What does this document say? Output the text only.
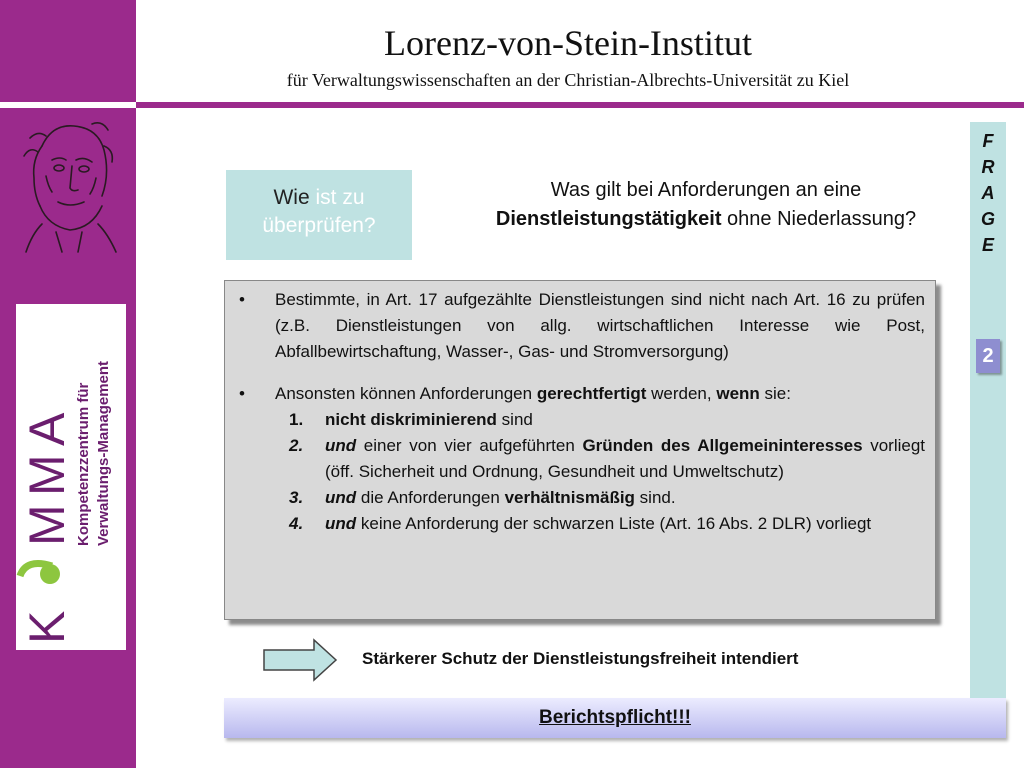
Lorenz-von-Stein-Institut
für Verwaltungswissenschaften an der Christian-Albrechts-Universität zu Kiel
K
M
M
A Kompetenzzentrum für Verwaltungs-Management
F
R
A
G
E
2
Wie ist zu
überprüfen?
Was gilt bei Anforderungen an eine
Dienstleistungstätigkeit ohne Niederlassung?
• Bestimmte, in Art. 17 aufgezählte Dienstleistungen sind nicht nach Art. 16 zu prüfen (z.B. Dienstleistungen von allg. wirtschaftlichen Interesse wie Post, Abfallbewirtschaftung, Wasser-, Gas- und Stromversorgung)
• Ansonsten können Anforderungen gerechtfertigt werden, wenn sie:
1. nicht diskriminierend sind
2. und einer von vier aufgeführten Gründen des Allgemeininteresses vorliegt (öff. Sicherheit und Ordnung, Gesundheit und Umweltschutz)
3. und die Anforderungen verhältnismäßig sind.
4. und keine Anforderung der schwarzen Liste (Art. 16 Abs. 2 DLR) vorliegt
Stärkerer Schutz der Dienstleistungsfreiheit intendiert
Berichtspflicht!!!
